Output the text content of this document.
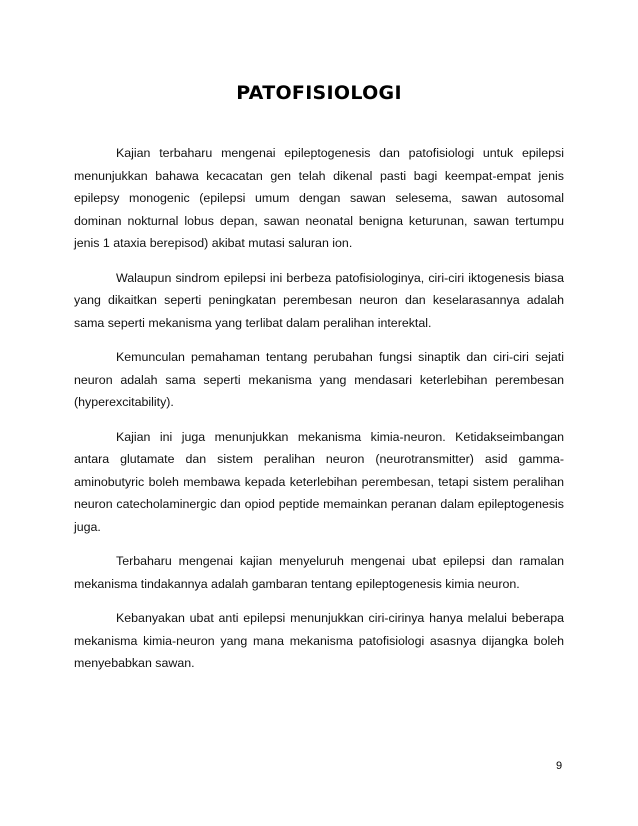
PATOFISIOLOGI

Kajian terbaharu mengenai epileptogenesis dan patofisiologi untuk epilepsi menunjukkan bahawa kecacatan gen telah dikenal pasti bagi keempat-empat jenis epilepsy monogenic (epilepsi umum dengan sawan selesema, sawan autosomal dominan nokturnal lobus depan, sawan neonatal benigna keturunan, sawan tertumpu jenis 1 ataxia berepisod) akibat mutasi saluran ion.

Walaupun sindrom epilepsi ini berbeza patofisiologinya, ciri-ciri iktogenesis biasa yang dikaitkan seperti peningkatan perembesan neuron dan keselarasannya adalah sama seperti mekanisma yang terlibat dalam peralihan interektal.

Kemunculan pemahaman tentang perubahan fungsi sinaptik dan ciri-ciri sejati neuron adalah sama seperti mekanisma yang mendasari keterlebihan perembesan (hyperexcitability).

Kajian ini juga menunjukkan mekanisma kimia-neuron. Ketidakseimbangan antara glutamate dan sistem peralihan neuron (neurotransmitter) asid gamma-aminobutyric boleh membawa kepada keterlebihan perembesan, tetapi sistem peralihan neuron catecholaminergic dan opiod peptide memainkan peranan dalam epileptogenesis juga.

Terbaharu mengenai kajian menyeluruh mengenai ubat epilepsi dan ramalan mekanisma tindakannya adalah gambaran tentang epileptogenesis kimia neuron.

Kebanyakan ubat anti epilepsi menunjukkan ciri-cirinya hanya melalui beberapa mekanisma kimia-neuron yang mana mekanisma patofisiologi asasnya dijangka boleh menyebabkan sawan.

9
